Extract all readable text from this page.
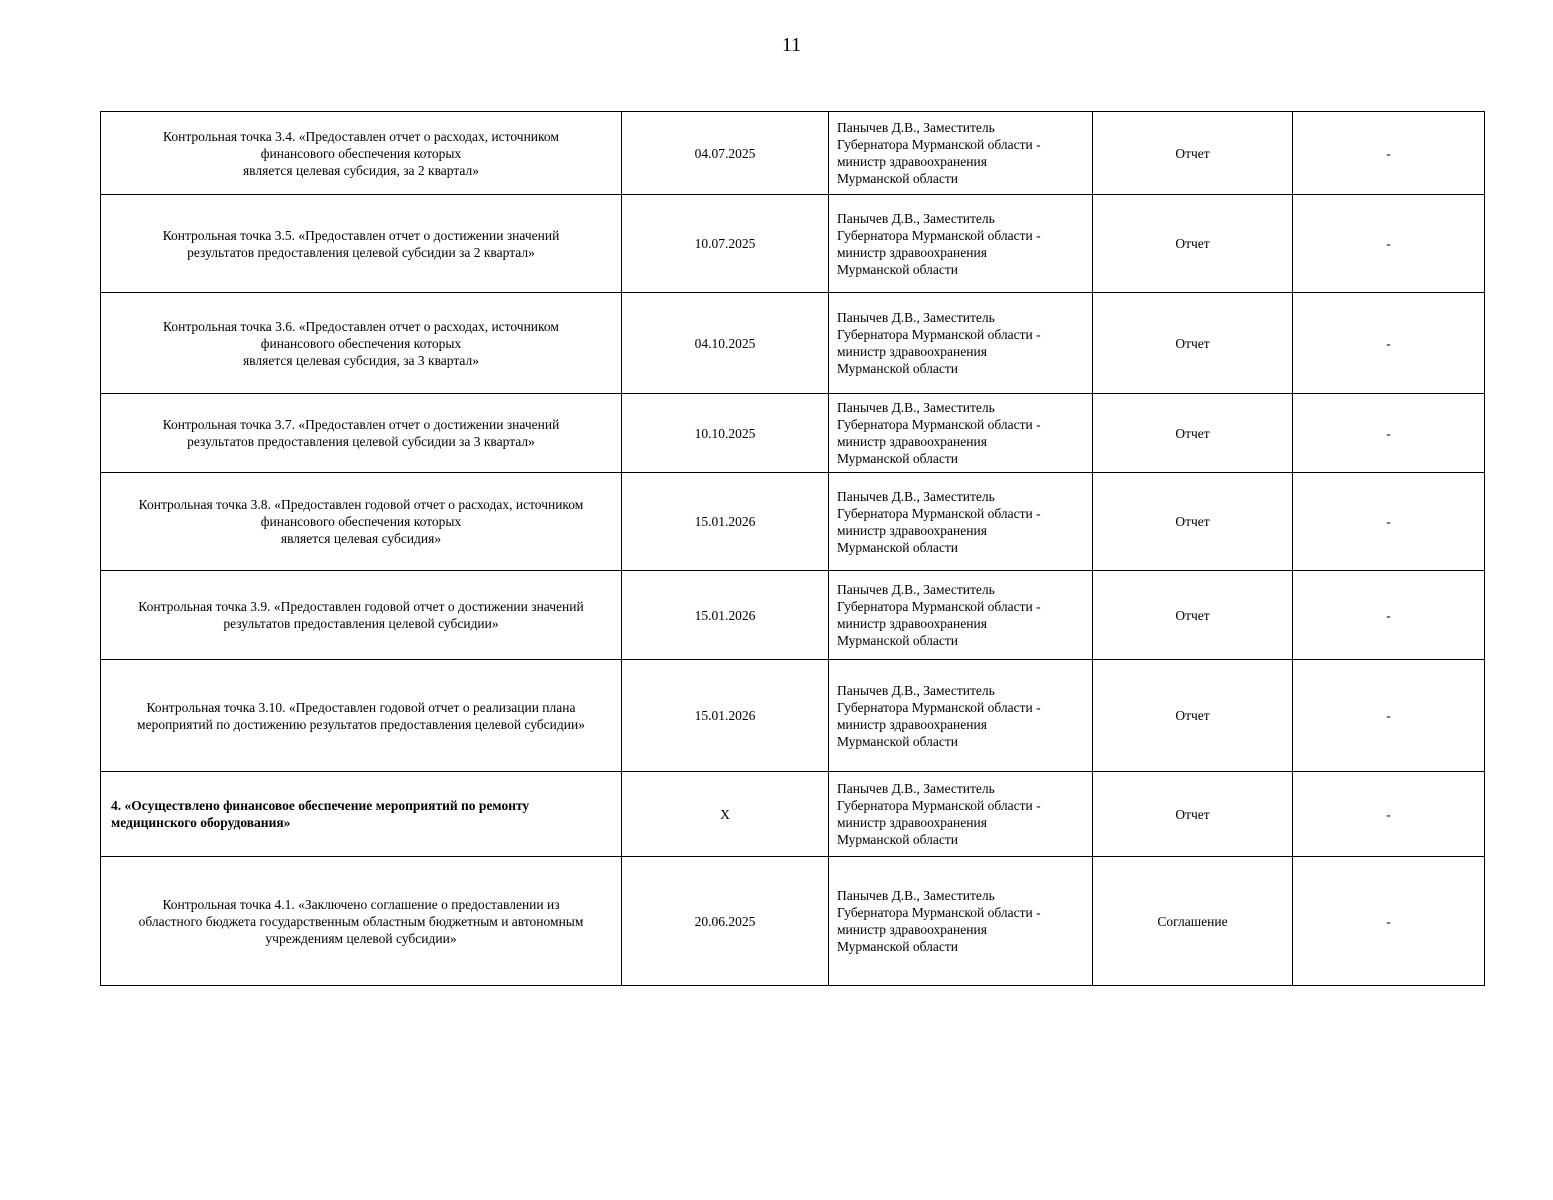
11
Контрольная точка 3.4. «Предоставлен отчет о расходах, источником
финансового обеспечения которых
является целевая субсидия, за 2 квартал»	04.07.2025	Панычев Д.В., Заместитель
Губернатора Мурманской области -
министр здравоохранения
Мурманской области	Отчет	-
Контрольная точка 3.5. «Предоставлен отчет о достижении значений
результатов предоставления целевой субсидии за 2 квартал»	10.07.2025	Панычев Д.В., Заместитель
Губернатора Мурманской области -
министр здравоохранения
Мурманской области	Отчет	-
Контрольная точка 3.6. «Предоставлен отчет о расходах, источником
финансового обеспечения которых
является целевая субсидия, за 3 квартал»	04.10.2025	Панычев Д.В., Заместитель
Губернатора Мурманской области -
министр здравоохранения
Мурманской области	Отчет	-
Контрольная точка 3.7. «Предоставлен отчет о достижении значений
результатов предоставления целевой субсидии за 3 квартал»	10.10.2025	Панычев Д.В., Заместитель
Губернатора Мурманской области -
министр здравоохранения
Мурманской области	Отчет	-
Контрольная точка 3.8. «Предоставлен годовой отчет о расходах, источником
финансового обеспечения которых
является целевая субсидия»	15.01.2026	Панычев Д.В., Заместитель
Губернатора Мурманской области -
министр здравоохранения
Мурманской области	Отчет	-
Контрольная точка 3.9. «Предоставлен годовой отчет о достижении значений
результатов предоставления целевой субсидии»	15.01.2026	Панычев Д.В., Заместитель
Губернатора Мурманской области -
министр здравоохранения
Мурманской области	Отчет	-
Контрольная точка 3.10. «Предоставлен годовой отчет о реализации плана
мероприятий по достижению результатов предоставления целевой субсидии»	15.01.2026	Панычев Д.В., Заместитель
Губернатора Мурманской области -
министр здравоохранения
Мурманской области	Отчет	-
4. «Осуществлено финансовое обеспечение мероприятий по ремонту
медицинского оборудования»	X	Панычев Д.В., Заместитель
Губернатора Мурманской области -
министр здравоохранения
Мурманской области	Отчет	-
Контрольная точка 4.1. «Заключено соглашение о предоставлении из
областного бюджета государственным областным бюджетным и автономным
учреждениям целевой субсидии»	20.06.2025	Панычев Д.В., Заместитель
Губернатора Мурманской области -
министр здравоохранения
Мурманской области	Соглашение	-
